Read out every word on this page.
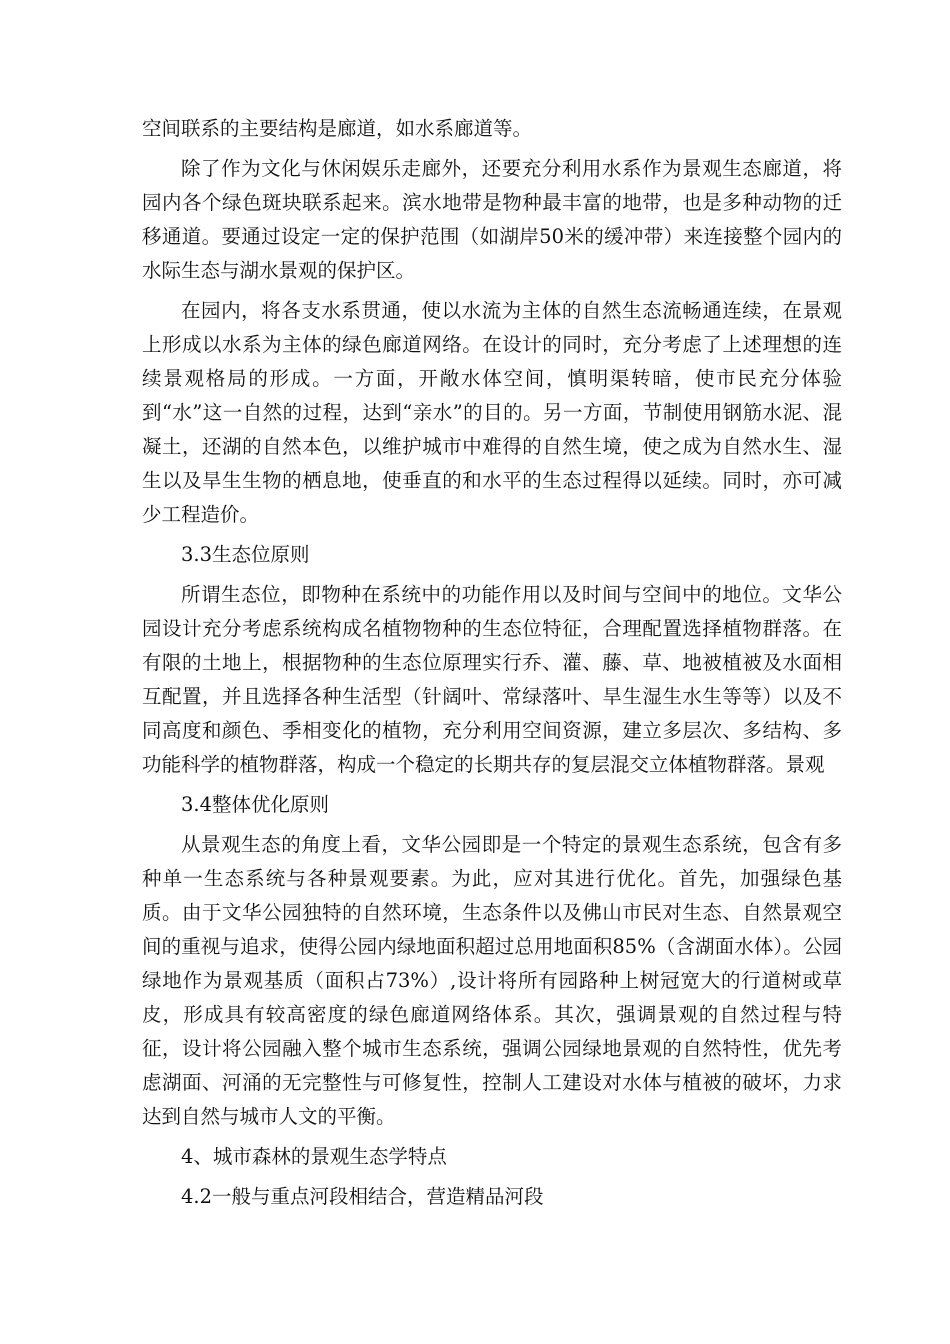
空间联系的主要结构是廊道，如水系廊道等。

除了作为文化与休闲娱乐走廊外，还要充分利用水系作为景观生态廊道，将园内各个绿色斑块联系起来。滨水地带是物种最丰富的地带，也是多种动物的迁移通道。要通过设定一定的保护范围（如湖岸50米的缓冲带）来连接整个园内的水际生态与湖水景观的保护区。

在园内，将各支水系贯通，使以水流为主体的自然生态流畅通连续，在景观上形成以水系为主体的绿色廊道网络。在设计的同时，充分考虑了上述理想的连续景观格局的形成。一方面，开敞水体空间，慎明渠转暗，使市民充分体验到“水”这一自然的过程，达到“亲水”的目的。另一方面，节制使用钢筋水泥、混凝土，还湖的自然本色，以维护城市中难得的自然生境，使之成为自然水生、湿生以及旱生生物的栖息地，使垂直的和水平的生态过程得以延续。同时，亦可减少工程造价。

3.3生态位原则

所谓生态位，即物种在系统中的功能作用以及时间与空间中的地位。文华公园设计充分考虑系统构成名植物物种的生态位特征，合理配置选择植物群落。在有限的土地上，根据物种的生态位原理实行乔、灌、藤、草、地被植被及水面相互配置，并且选择各种生活型（针阔叶、常绿落叶、旱生湿生水生等等）以及不同高度和颜色、季相变化的植物，充分利用空间资源，建立多层次、多结构、多功能科学的植物群落，构成一个稳定的长期共存的复层混交立体植物群落。景观

3.4整体优化原则

从景观生态的角度上看，文华公园即是一个特定的景观生态系统，包含有多种单一生态系统与各种景观要素。为此，应对其进行优化。首先，加强绿色基质。由于文华公园独特的自然环境，生态条件以及佛山市民对生态、自然景观空间的重视与追求，使得公园内绿地面积超过总用地面积85%（含湖面水体）。公园绿地作为景观基质（面积占73%）,设计将所有园路种上树冠宽大的行道树或草皮，形成具有较高密度的绿色廊道网络体系。其次，强调景观的自然过程与特征，设计将公园融入整个城市生态系统，强调公园绿地景观的自然特性，优先考虑湖面、河涌的无完整性与可修复性，控制人工建设对水体与植被的破坏，力求达到自然与城市人文的平衡。

4、城市森林的景观生态学特点

4.2一般与重点河段相结合，营造精品河段
